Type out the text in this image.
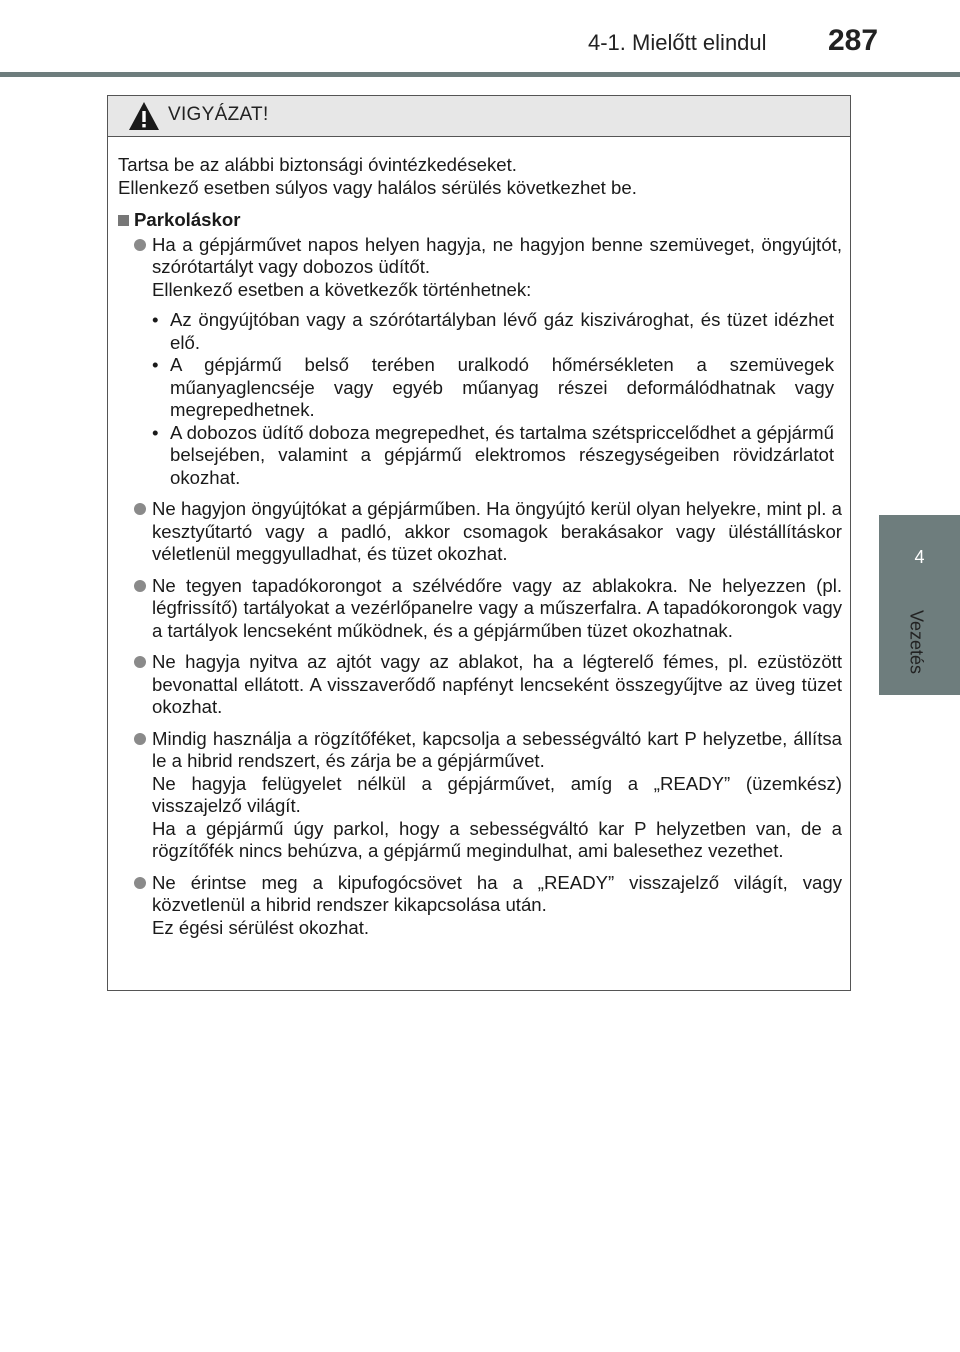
4-1. Mielőtt elindul 287
4
Vezetés
VIGYÁZAT!

Tartsa be az alábbi biztonsági óvintézkedéseket.
Ellenkező esetben súlyos vagy halálos sérülés következhet be.

Parkoláskor

Ha a gépjárművet napos helyen hagyja, ne hagyjon benne szemüveget, öngyújtót, szórótartályt vagy dobozos üdítőt.

Ellenkező esetben a következők történhetnek:

• Az öngyújtóban vagy a szórótartályban lévő gáz kiszivároghat, és tüzet idézhet elő.
• A gépjármű belső terében uralkodó hőmérsékleten a szemüvegek műanyaglencséje vagy egyéb műanyag részei deformálódhatnak vagy megrepedhetnek.
• A dobozos üdítő doboza megrepedhet, és tartalma szétspriccelődhet a gépjármű belsejében, valamint a gépjármű elektromos részegységeiben rövidzárlatot okozhat.

Ne hagyjon öngyújtókat a gépjárműben. Ha öngyújtó kerül olyan helyekre, mint pl. a kesztyűtartó vagy a padló, akkor csomagok berakásakor vagy üléstállításkor véletlenül meggyulladhat, és tüzet okozhat.

Ne tegyen tapadókorongot a szélvédőre vagy az ablakokra. Ne helyezzen (pl. légfrissítő) tartályokat a vezérlőpanelre vagy a műszerfalra. A tapadókorongok vagy a tartályok lencseként működnek, és a gépjárműben tüzet okozhatnak.

Ne hagyja nyitva az ajtót vagy az ablakot, ha a légterelő fémes, pl. ezüstözött bevonattal ellátott. A visszaverődő napfényt lencseként összegyűjtve az üveg tüzet okozhat.

Mindig használja a rögzítőféket, kapcsolja a sebességváltó kart P helyzetbe, állítsa le a hibrid rendszert, és zárja be a gépjárművet.

Ne hagyja felügyelet nélkül a gépjárművet, amíg a „READY” (üzemkész) visszajelző világít.

Ha a gépjármű úgy parkol, hogy a sebességváltó kar P helyzetben van, de a rögzítőfék nincs behúzva, a gépjármű megindulhat, ami balesethez vezethet.

Ne érintse meg a kipufogócsövet ha a „READY” visszajelző világít, vagy közvetlenül a hibrid rendszer kikapcsolása után.

Ez égési sérülést okozhat.
